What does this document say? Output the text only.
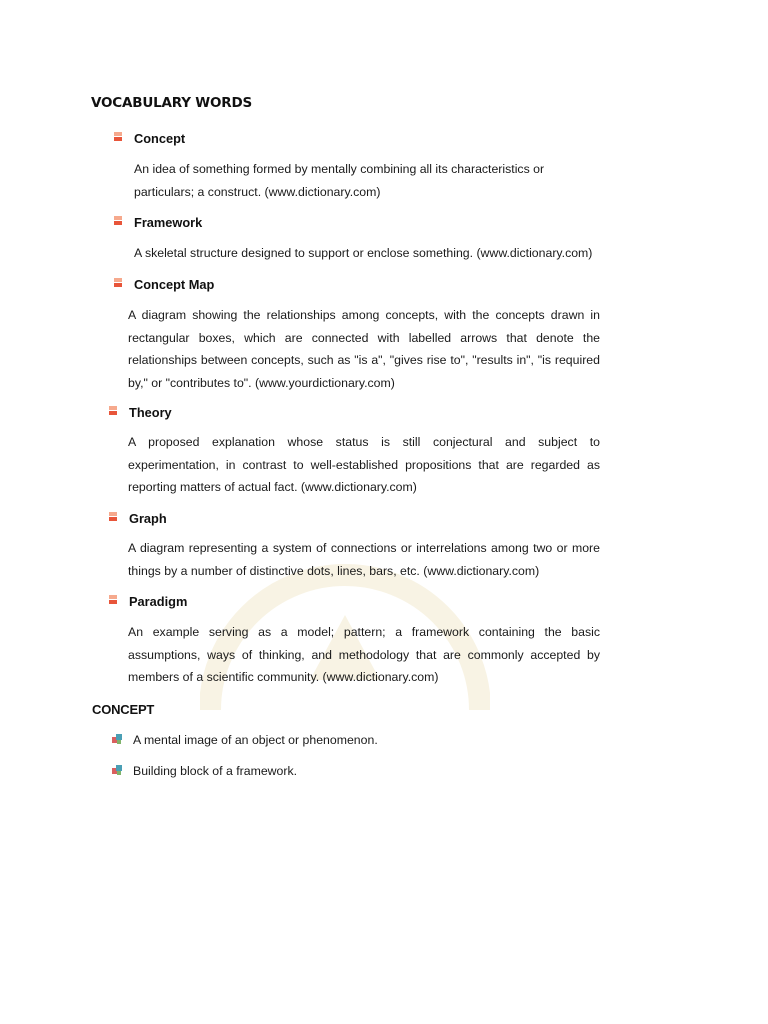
VOCABULARY WORDS
Concept
An idea of something formed by mentally combining all its characteristics or particulars; a construct. (www.dictionary.com)
Framework
A skeletal structure designed to support or enclose something. (www.dictionary.com)
Concept Map
A diagram showing the relationships among concepts, with the concepts drawn in rectangular boxes, which are connected with labelled arrows that denote the relationships between concepts, such as "is a", "gives rise to", "results in", "is required by," or "contributes to". (www.yourdictionary.com)
Theory
A proposed explanation whose status is still conjectural and subject to experimentation, in contrast to well-established propositions that are regarded as reporting matters of actual fact. (www.dictionary.com)
Graph
A diagram representing a system of connections or interrelations among two or more things by a number of distinctive dots, lines, bars, etc. (www.dictionary.com)
Paradigm
An example serving as a model; pattern; a framework containing the basic assumptions, ways of thinking, and methodology that are commonly accepted by members of a scientific community. (www.dictionary.com)
CONCEPT
A mental image of an object or phenomenon.
Building block of a framework.
